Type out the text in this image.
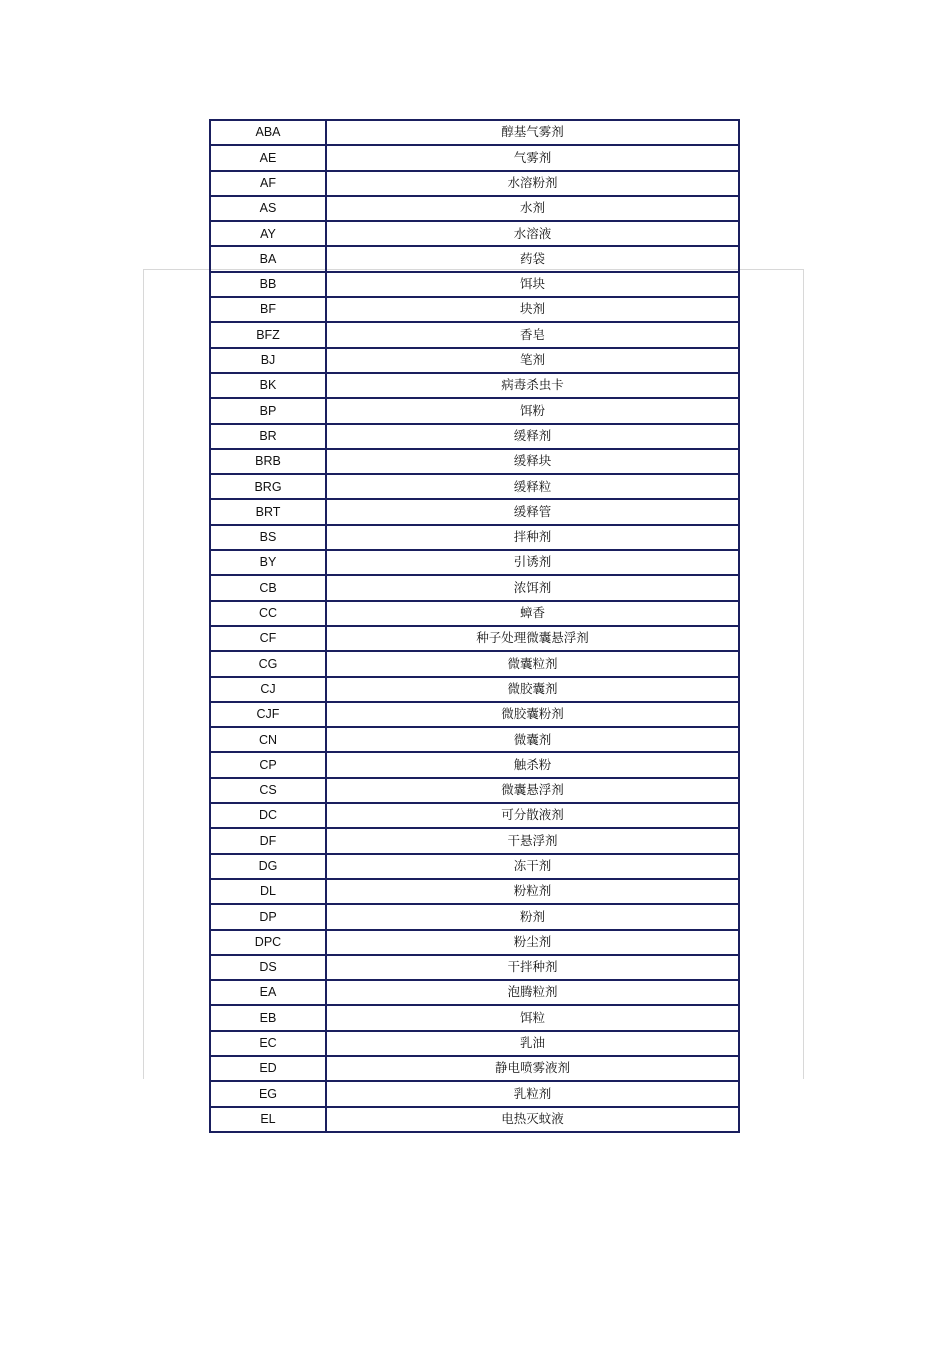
ABA	醇基气雾剂
AE	气雾剂
AF	水溶粉剂
AS	水剂
AY	水溶液
BA	药袋
BB	饵块
BF	块剂
BFZ	香皂
BJ	笔剂
BK	病毒杀虫卡
BP	饵粉
BR	缓释剂
BRB	缓释块
BRG	缓释粒
BRT	缓释管
BS	拌种剂
BY	引诱剂
CB	浓饵剂
CC	蟑香
CF	种子处理微囊悬浮剂
CG	微囊粒剂
CJ	微胶囊剂
CJF	微胶囊粉剂
CN	微囊剂
CP	触杀粉
CS	微囊悬浮剂
DC	可分散液剂
DF	干悬浮剂
DG	冻干剂
DL	粉粒剂
DP	粉剂
DPC	粉尘剂
DS	干拌种剂
EA	泡腾粒剂
EB	饵粒
EC	乳油
ED	静电喷雾液剂
EG	乳粒剂
EL	电热灭蚊液
